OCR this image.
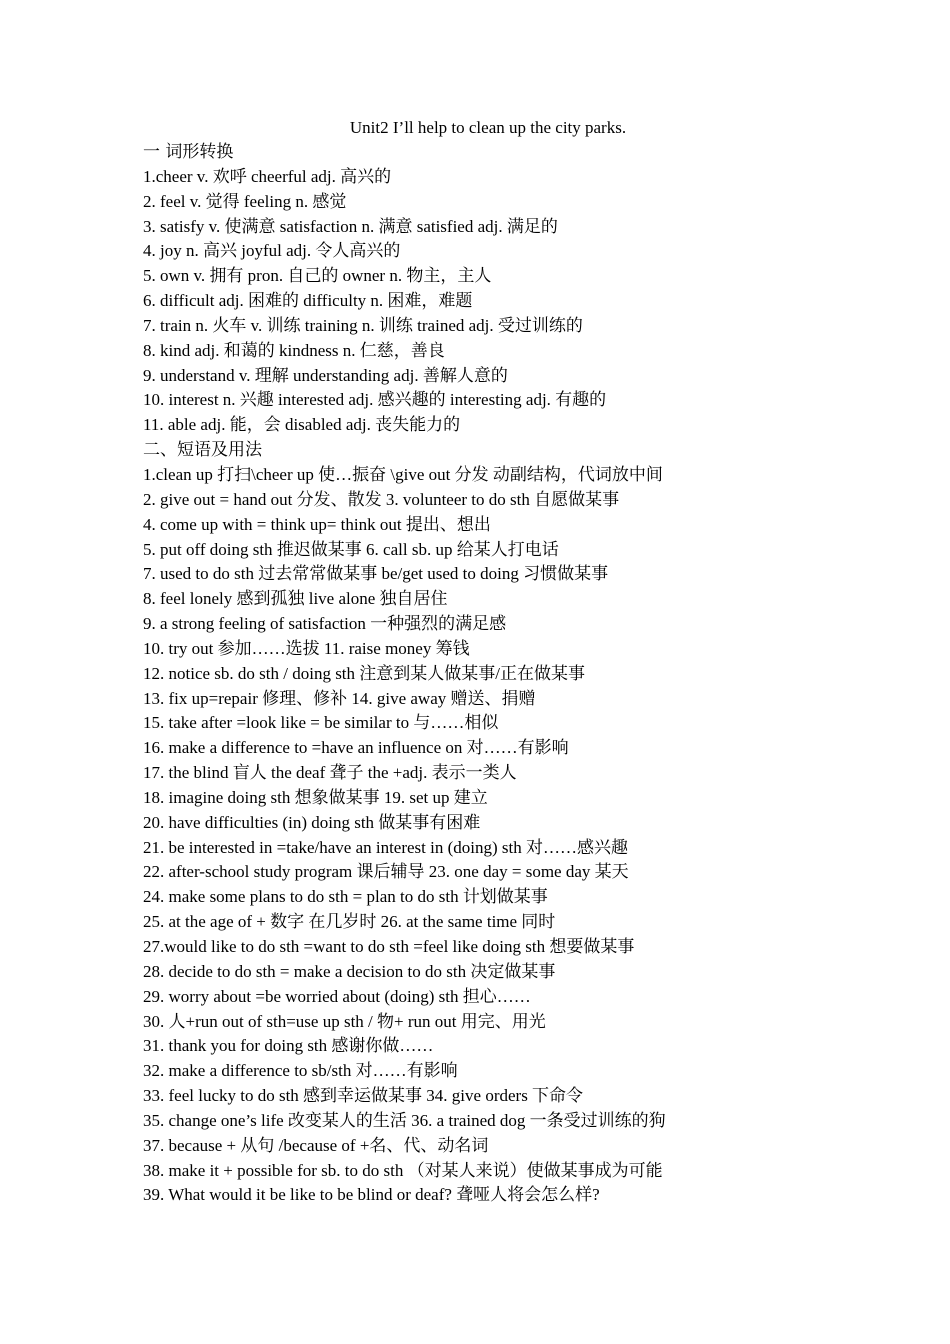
Unit2 I’ll help to clean up the city parks.
一 词形转换
1.cheer v. 欢呼 cheerful adj. 高兴的
2. feel v. 觉得 feeling n. 感觉
3. satisfy v. 使满意 satisfaction n. 满意 satisfied adj. 满足的
4. joy n. 高兴 joyful adj. 令人高兴的
5. own v. 拥有 pron. 自己的 owner n. 物主，主人
6. difficult adj. 困难的 difficulty n. 困难，难题
7. train n. 火车 v. 训练 training n. 训练 trained adj. 受过训练的
8. kind adj. 和蔼的 kindness n. 仁慈，善良
9. understand v. 理解 understanding adj. 善解人意的
10. interest n. 兴趣 interested adj. 感兴趣的 interesting adj. 有趣的
11. able adj. 能，会 disabled adj. 丧失能力的
二、短语及用法
1.clean up 打扫\cheer up 使…振奋 \give out 分发 动副结构，代词放中间
2. give out = hand out 分发、散发 3. volunteer to do sth 自愿做某事
4. come up with = think up= think out 提出、想出
5. put off doing sth 推迟做某事 6. call sb. up 给某人打电话
7. used to do sth 过去常常做某事 be/get used to doing 习惯做某事
8. feel lonely 感到孤独 live alone 独自居住
9. a strong feeling of satisfaction 一种强烈的满足感
10. try out 参加……选拔 11. raise money 筹钱
12. notice sb. do sth / doing sth 注意到某人做某事/正在做某事
13. fix up=repair 修理、修补 14. give away 赠送、捐赠
15. take after =look like = be similar to 与……相似
16. make a difference to =have an influence on 对……有影响
17. the blind 盲人 the deaf 聋子 the +adj. 表示一类人
18. imagine doing sth 想象做某事 19. set up 建立
20. have difficulties (in) doing sth 做某事有困难
21. be interested in =take/have an interest in (doing) sth 对……感兴趣
22. after-school study program 课后辅导 23. one day = some day 某天
24. make some plans to do sth = plan to do sth 计划做某事
25. at the age of + 数字 在几岁时 26. at the same time 同时
27.would like to do sth =want to do sth =feel like doing sth 想要做某事
28. decide to do sth = make a decision to do sth 决定做某事
29. worry about =be worried about (doing) sth 担心……
30. 人+run out of sth=use up sth / 物+ run out 用完、用光
31. thank you for doing sth 感谢你做……
32. make a difference to sb/sth 对……有影响
33. feel lucky to do sth 感到幸运做某事 34. give orders 下命令
35. change one’s life 改变某人的生活 36. a trained dog 一条受过训练的狗
37. because + 从句 /because of +名、代、动名词
38. make it + possible for sb. to do sth （对某人来说）使做某事成为可能
39. What would it be like to be blind or deaf? 聋哑人将会怎么样?
